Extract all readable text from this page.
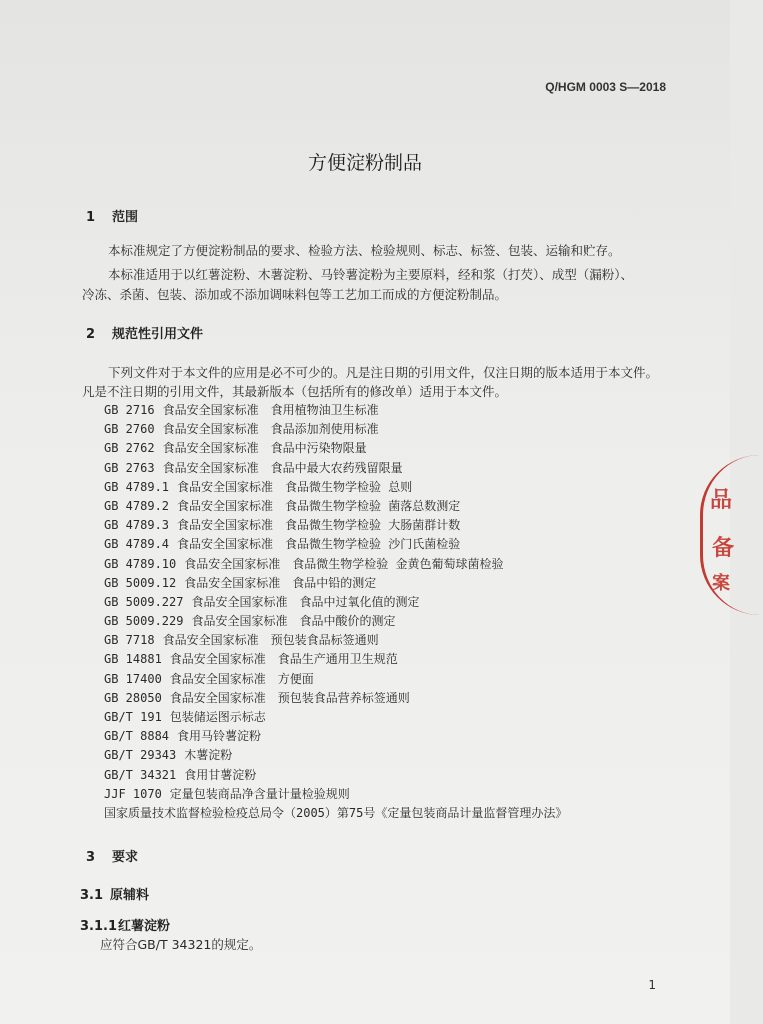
Q/HGM 0003 S—2018
方便淀粉制品
1 范围
本标准规定了方便淀粉制品的要求、检验方法、检验规则、标志、标签、包装、运输和贮存。
本标准适用于以红薯淀粉、木薯淀粉、马铃薯淀粉为主要原料，经和浆（打芡）、成型（漏粉）、
冷冻、杀菌、包装、添加或不添加调味料包等工艺加工而成的方便淀粉制品。
2 规范性引用文件
下列文件对于本文件的应用是必不可少的。凡是注日期的引用文件，仅注日期的版本适用于本文件。
凡是不注日期的引用文件，其最新版本（包括所有的修改单）适用于本文件。
GB 2716 食品安全国家标准　食用植物油卫生标准
GB 2760 食品安全国家标准　食品添加剂使用标准
GB 2762 食品安全国家标准　食品中污染物限量
GB 2763 食品安全国家标准　食品中最大农药残留限量
GB 4789.1 食品安全国家标准　食品微生物学检验 总则
GB 4789.2 食品安全国家标准　食品微生物学检验 菌落总数测定
GB 4789.3 食品安全国家标准　食品微生物学检验 大肠菌群计数
GB 4789.4 食品安全国家标准　食品微生物学检验 沙门氏菌检验
GB 4789.10 食品安全国家标准　食品微生物学检验 金黄色葡萄球菌检验
GB 5009.12 食品安全国家标准　食品中铅的测定
GB 5009.227 食品安全国家标准　食品中过氧化值的测定
GB 5009.229 食品安全国家标准　食品中酸价的测定
GB 7718 食品安全国家标准　预包装食品标签通则
GB 14881 食品安全国家标准　食品生产通用卫生规范
GB 17400 食品安全国家标准　方便面
GB 28050 食品安全国家标准　预包装食品营养标签通则
GB/T 191 包装储运图示标志
GB/T 8884 食用马铃薯淀粉
GB/T 29343 木薯淀粉
GB/T 34321 食用甘薯淀粉
JJF 1070 定量包装商品净含量计量检验规则
国家质量技术监督检验检疫总局令（2005）第75号《定量包装商品计量监督管理办法》
3 要求
3.1 原辅料
3.1.1红薯淀粉
应符合GB/T 34321的规定。
1
品
备
案
